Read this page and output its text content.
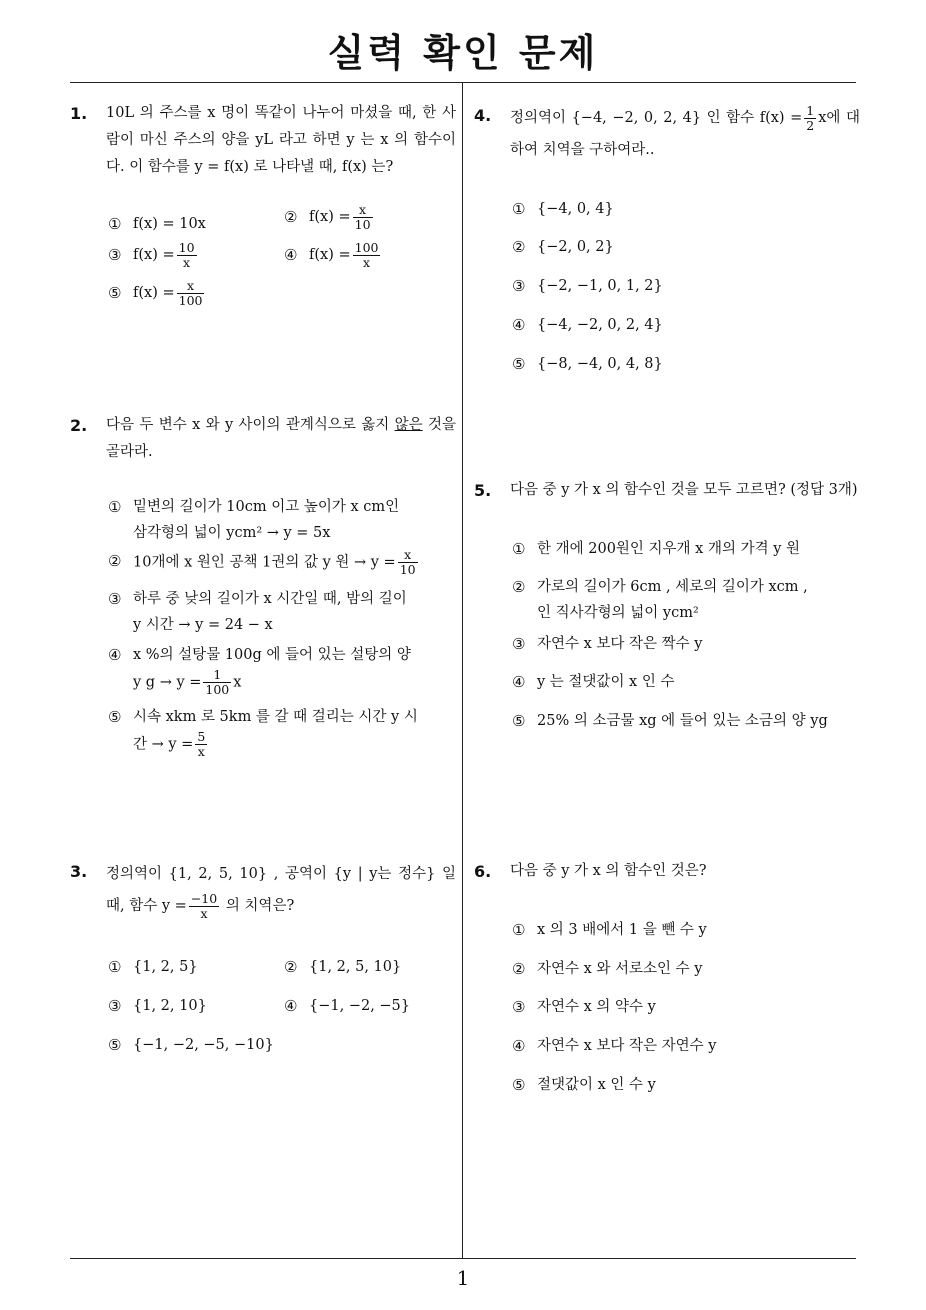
실력 확인 문제
1
1. 10L 의 주스를 x 명이 똑같이 나누어 마셨을 때, 한 사람이 마신 주스의 양을 yL 라고 하면 y 는 x 의 함수이다. 이 함수를 y = f(x) 로 나타낼 때, f(x) 는?
① f(x) = 10x	② $f(x) = \frac{x}{10}$
③ $f(x) = \frac{10}{x}$	④ $f(x) = \frac{100}{x}$
⑤ $f(x) = \frac{x}{100}$
2. 다음 두 변수 x 와 y 사이의 관계식으로 옳지 않은 것을 골라라.
① 밑변의 길이가 10cm 이고 높이가 x cm인 삼각형의 넓이 ycm² → y = 5x
② 10개에 x 원인 공책 1권의 값 y 원 → $y = \frac{x}{10}$
③ 하루 중 낮의 길이가 x 시간일 때, 밤의 길이 y 시간 → y = 24 − x
④ x %의 설탕물 100g 에 들어 있는 설탕의 양 y $g \to y = \frac{1}{100}$ x
⑤ 시속 xkm 로 5km 를 갈 때 걸리는 시간 y 시간 → $y = \frac{5}{x}$
3. 정의역이 {1, 2, 5, 10} , 공역이 {y | y는 정수} 일 때, 함수 $y = \frac{-10}{x}$ 의 치역은?
① {1, 2, 5}	② {1, 2, 5, 10}
③ {1, 2, 10}	④ {−1, −2, −5}
⑤ {−1, −2, −5, −10}
4. 정의역이 {−4, −2, 0, 2, 4} 인 함수 $f(x) = \frac{1}{2}$ x에 대하여 치역을 구하여라..
① {−4, 0, 4}
② {−2, 0, 2}
③ {−2, −1, 0, 1, 2}
④ {−4, −2, 0, 2, 4}
⑤ {−8, −4, 0, 4, 8}
5. 다음 중 y 가 x 의 함수인 것을 모두 고르면? (정답 3개)
① 한 개에 200원인 지우개 x 개의 가격 y 원
② 가로의 길이가 6cm , 세로의 길이가 xcm , 인 직사각형의 넓이 ycm²
③ 자연수 x 보다 작은 짝수 y
④ y 는 절댓값이 x 인 수
⑤ 25% 의 소금물 xg 에 들어 있는 소금의 양 yg
6. 다음 중 y 가 x 의 함수인 것은?
① x 의 3 배에서 1 을 뺀 수 y
② 자연수 x 와 서로소인 수 y
③ 자연수 x 의 약수 y
④ 자연수 x 보다 작은 자연수 y
⑤ 절댓값이 x 인 수 y
